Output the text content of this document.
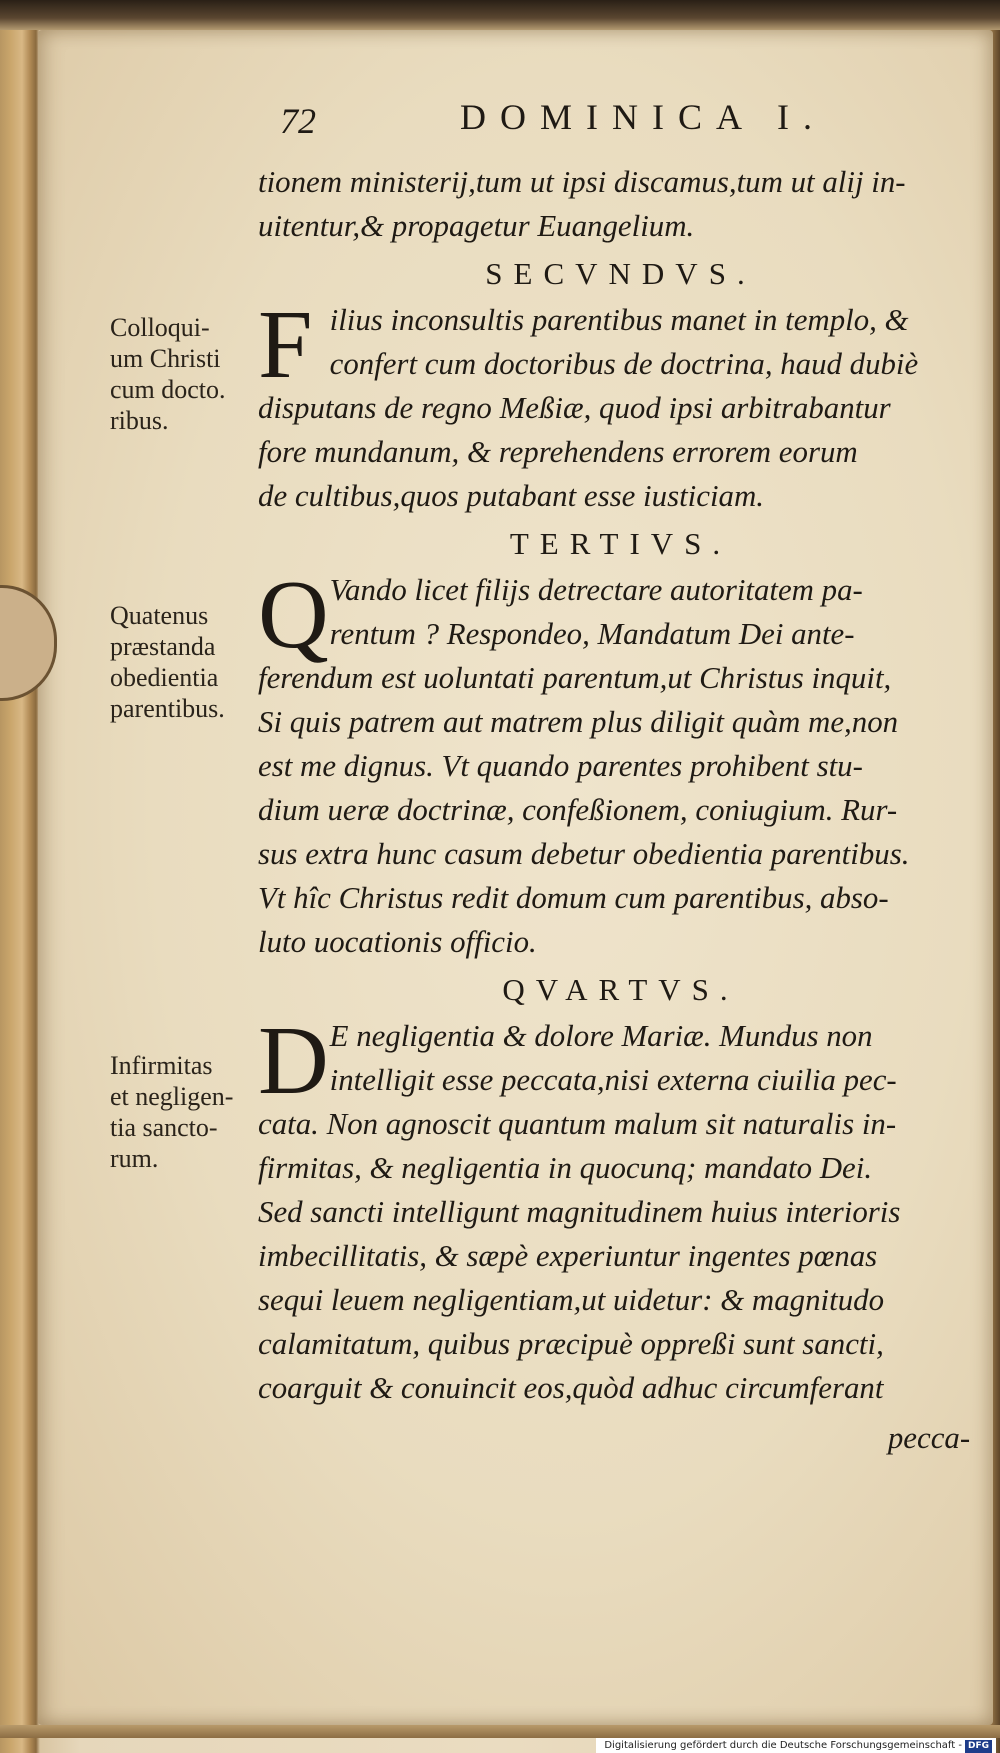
72	DOMINICA I.
tionem ministerij,tum ut ipsi discamus,tum ut alij in-
uitentur,& propagetur Euangelium.
SECVNDVS.
F ilius inconsultis parentibus manet in templo, &
confert cum doctoribus de doctrina, haud dubiè
disputans de regno Meßiæ, quod ipsi arbitrabantur
fore mundanum, & reprehendens errorem eorum
de cultibus,quos putabant esse iusticiam.
TERTIVS.
Q Vando licet filijs detrectare autoritatem pa-
rentum ? Respondeo, Mandatum Dei ante-
ferendum est uoluntati parentum,ut Christus inquit,
Si quis patrem aut matrem plus diligit quàm me,non
est me dignus. Vt quando parentes prohibent stu-
dium ueræ doctrinæ, confeßionem, coniugium. Rur-
sus extra hunc casum debetur obedientia parentibus.
Vt hîc Christus redit domum cum parentibus, abso-
luto uocationis officio.
QVARTVS.
D E negligentia & dolore Mariæ. Mundus non
intelligit esse peccata,nisi externa ciuilia pec-
cata. Non agnoscit quantum malum sit naturalis in-
firmitas, & negligentia in quocunq; mandato Dei.
Sed sancti intelligunt magnitudinem huius interioris
imbecillitatis, & sæpè experiuntur ingentes pœnas
sequi leuem negligentiam,ut uidetur: & magnitudo
calamitatum, quibus præcipuè oppreßi sunt sancti,
coarguit & conuincit eos,quòd adhuc circumferant
pecca-
Colloqui-
um Christi
cum docto.
ribus.
Quatenus
præstanda
obedientia
parentibus.
Infirmitas
et negligen-
tia sancto-
rum.
Digitalisierung gefördert durch die Deutsche Forschungsgemeinschaft - DFG
